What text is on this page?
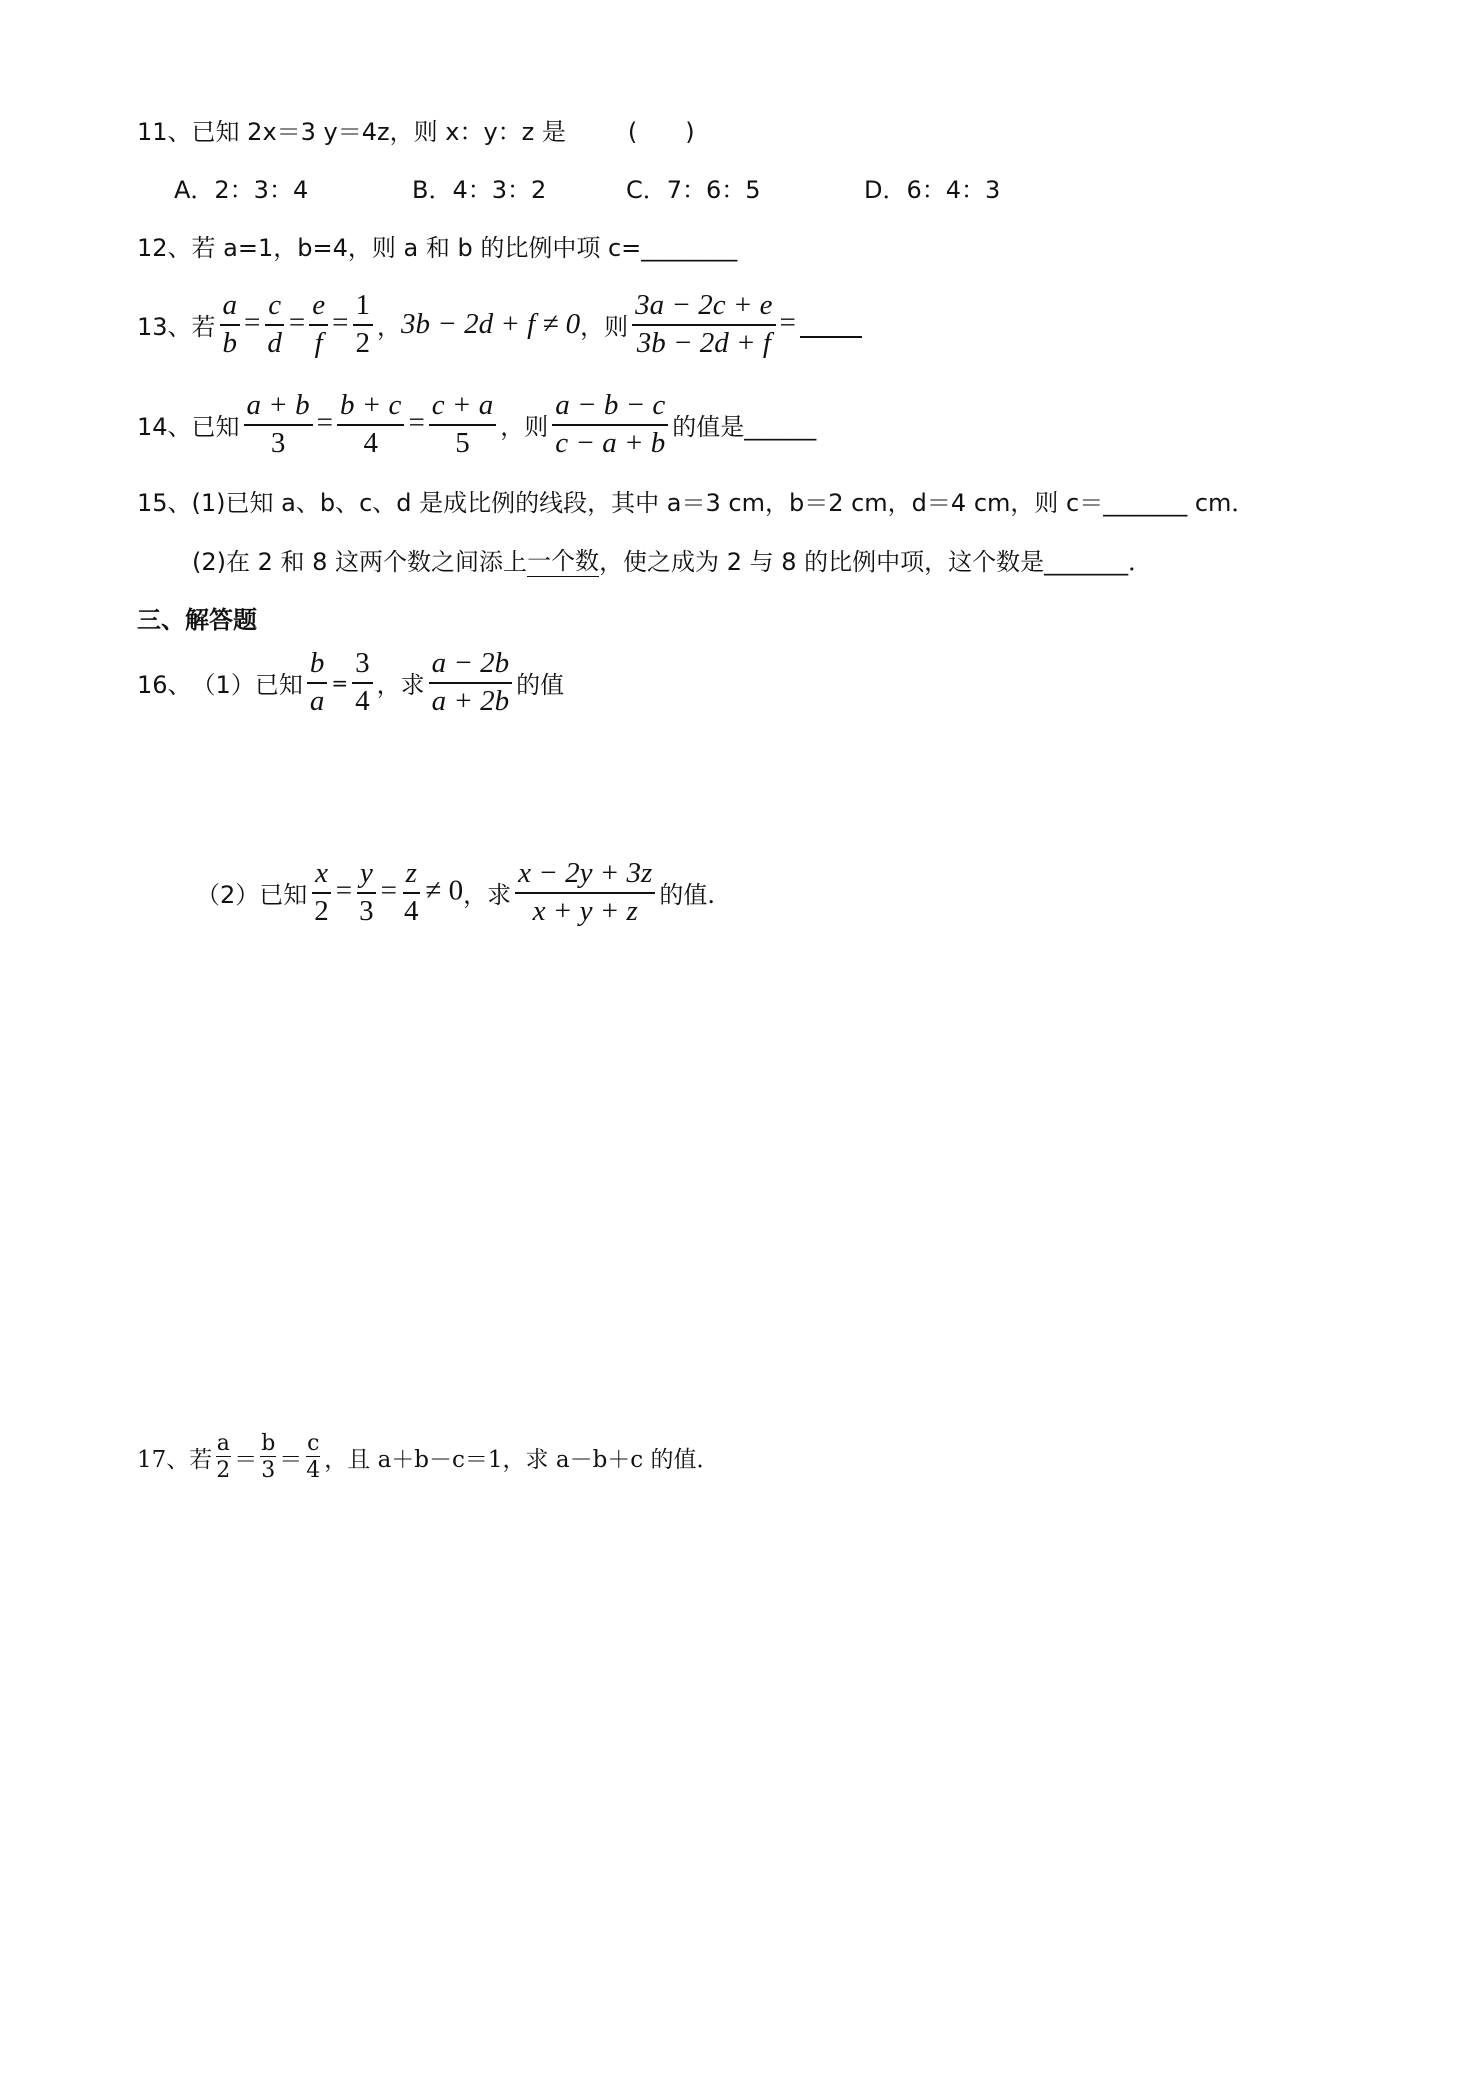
11、 已知 2x＝3 y＝4z，则 x：y：z 是	(　　)
A．2：3：4	B．4：3：2	C．7：6：5	D．6：4：3
12、 若 a=1，b=4，则 a 和 b 的比例中项 c=________
13、 若 $\frac{a}{b} = \frac{c}{d} = \frac{e}{f} = \frac{1}{2}$ ， 3b − 2d + f ≠ 0 ， 则 $\frac{3a - 2c + e}{3b - 2d + f}$ =
14、 已知 $\frac{a + b}{3} = \frac{b + c}{4} = \frac{c + a}{5}$ ， 则 $\frac{a - b - c}{c - a + b}$ 的值是______
15、 (1)已知 a、b、c、d 是成比例的线段，其中 a＝3 cm，b＝2 cm，d＝4 cm，则 c＝_______ cm．
(2)在 2 和 8 这两个数之间添上 一个数 ，使之成为 2 与 8 的比例中项，这个数是_______．
三、解答题
16、 （1）已知 $\frac{b}{a} = \frac{3}{4}$ ，求 $\frac{a - 2b}{a + 2b}$ 的值
（2）已知 $\frac{x}{2} = \frac{y}{3} = \frac{z}{4} \ne 0$ ，求 $\frac{x - 2y + 3z}{x + y + z}$ 的值.
17、 若 $\frac{a}{2} = \frac{b}{3} = \frac{c}{4}$ ，且 a＋b－c＝1，求 a－b＋c 的值．
